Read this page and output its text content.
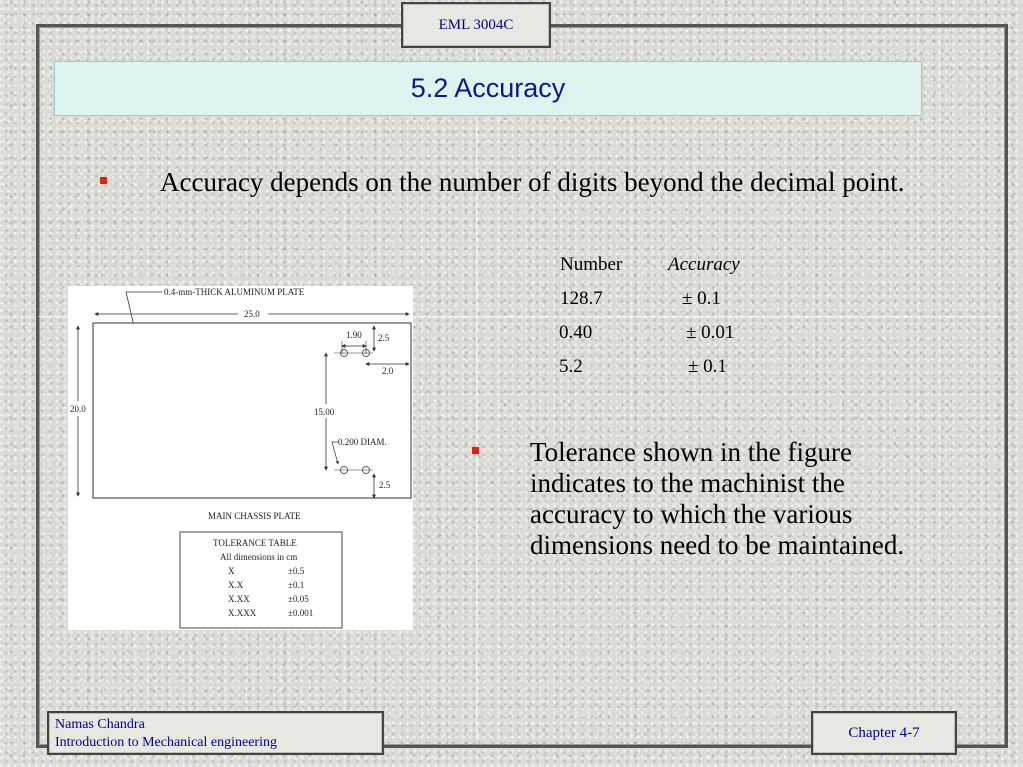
EML 3004C
5.2 Accuracy
Accuracy depends on the number of digits beyond the decimal point.
Number Accuracy
128.7	± 0.1
0.40	± 0.01
5.2	± 0.1
0.4-mm-THICK ALUMINUM PLATE
25.0
20.0
1.90 2.5
2.0
15.00
0.200 DIAM.
2.5
MAIN CHASSIS PLATE
TOLERANCE TABLE
All dimensions in cm
X	±0.5
X.X	±0.1
X.XX	±0.05
X.XXX	±0.001
Tolerance shown in the figure indicates to the machinist the accuracy to which the various dimensions need to be maintained.
Namas Chandra
Introduction to Mechanical engineering
Chapter 4-7
